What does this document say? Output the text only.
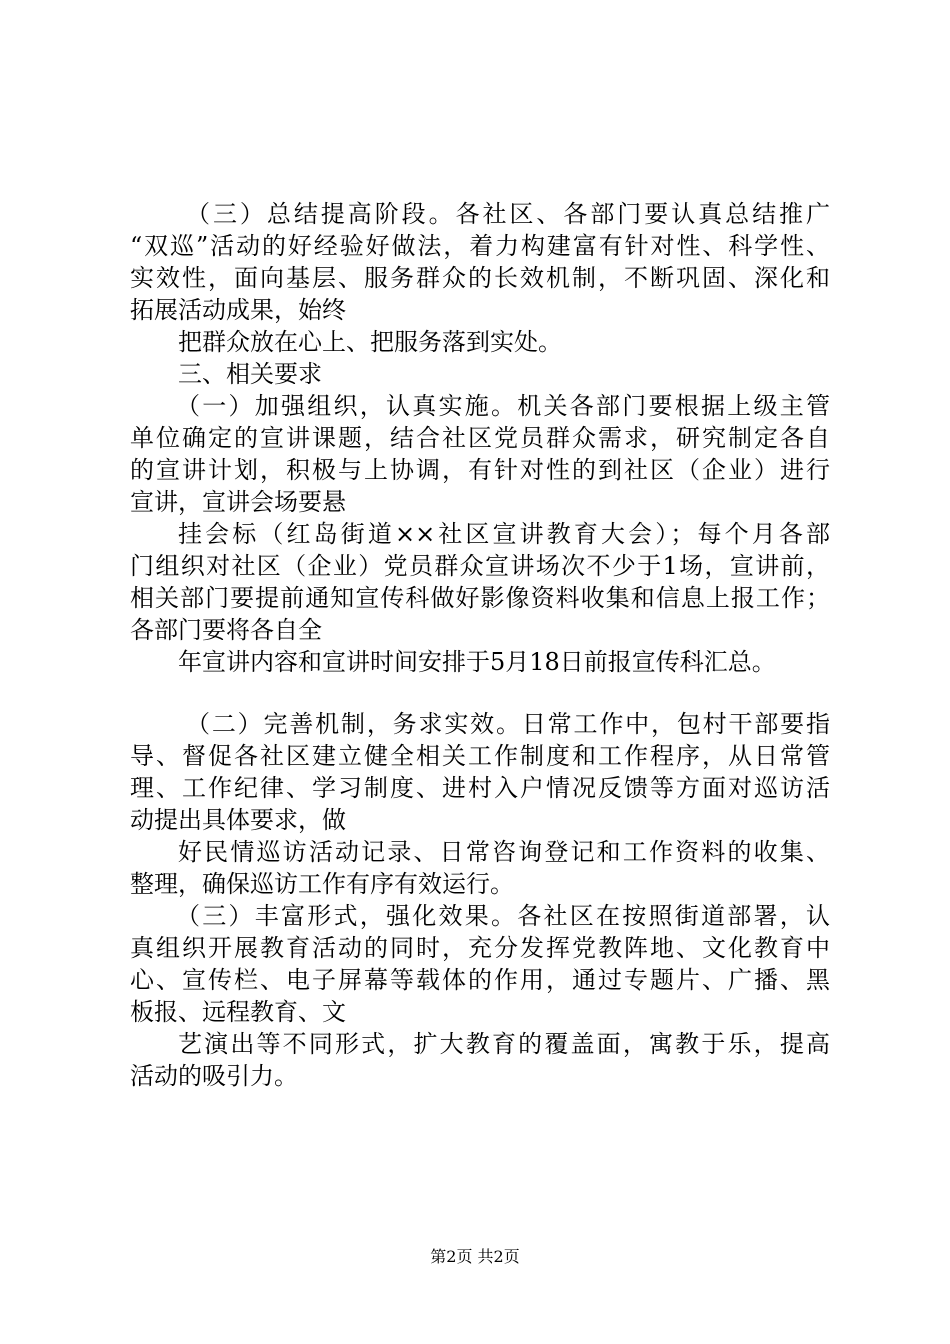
（三）总结提高阶段。各社区、各部门要认真总结推广
“双巡”活动的好经验好做法，着力构建富有针对性、科学性、
实效性，面向基层、服务群众的长效机制，不断巩固、深化和
拓展活动成果，始终
把群众放在心上、把服务落到实处。
三、相关要求
（一）加强组织，认真实施。机关各部门要根据上级主管
单位确定的宣讲课题，结合社区党员群众需求，研究制定各自
的宣讲计划，积极与上协调，有针对性的到社区（企业）进行
宣讲，宣讲会场要悬
挂会标（红岛街道××社区宣讲教育大会）；每个月各部
门组织对社区（企业）党员群众宣讲场次不少于1场，宣讲前，
相关部门要提前通知宣传科做好影像资料收集和信息上报工作；
各部门要将各自全
年宣讲内容和宣讲时间安排于5月18日前报宣传科汇总。
（二）完善机制，务求实效。日常工作中，包村干部要指
导、督促各社区建立健全相关工作制度和工作程序，从日常管
理、工作纪律、学习制度、进村入户情况反馈等方面对巡访活
动提出具体要求，做
好民情巡访活动记录、日常咨询登记和工作资料的收集、
整理，确保巡访工作有序有效运行。
（三）丰富形式，强化效果。各社区在按照街道部署，认
真组织开展教育活动的同时，充分发挥党教阵地、文化教育中
心、宣传栏、电子屏幕等载体的作用，通过专题片、广播、黑
板报、远程教育、文
艺演出等不同形式，扩大教育的覆盖面，寓教于乐，提高
活动的吸引力。
第2页 共2页
